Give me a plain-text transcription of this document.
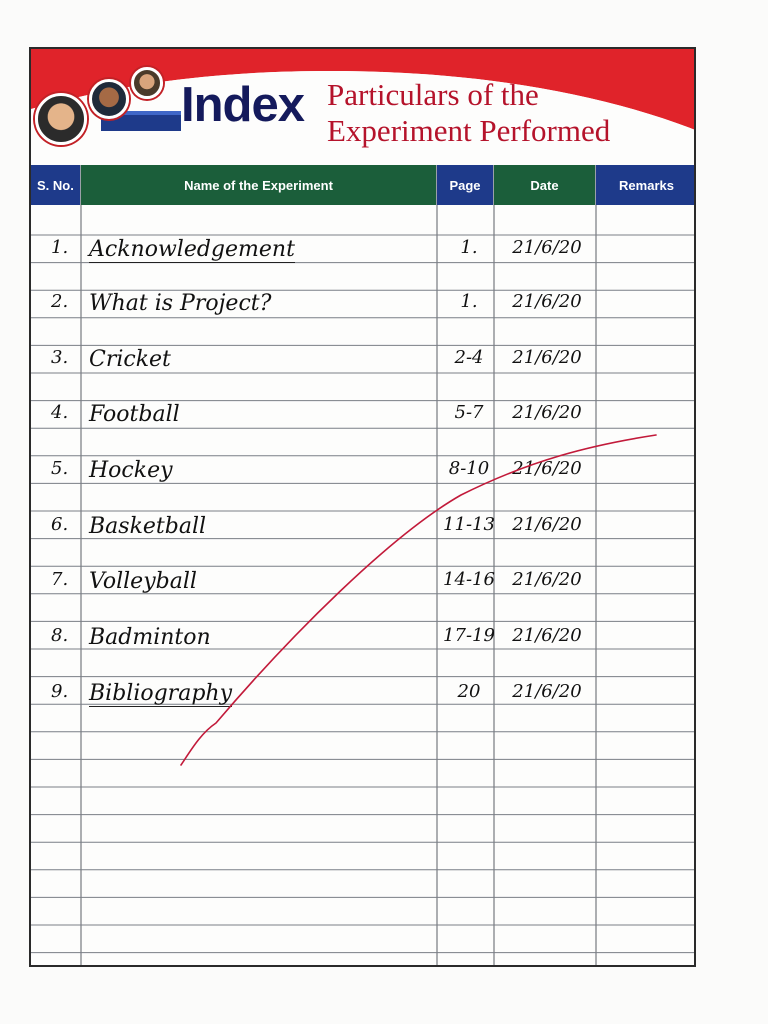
Index Particulars of the
Experiment Performed
S. No.	Name of the Experiment	Page	Date	Remarks
1. Acknowledgement	1.	21/6/20
2. What is Project?	1.	21/6/20
3. Cricket	2-4	21/6/20
4. Football	5-7	21/6/20
5. Hockey	8-10	21/6/20
6. Basketball	11-13 21/6/20
7. Volleyball	14-16 21/6/20
8. Badminton	17-19 21/6/20
9. Bibliography	20	21/6/20
